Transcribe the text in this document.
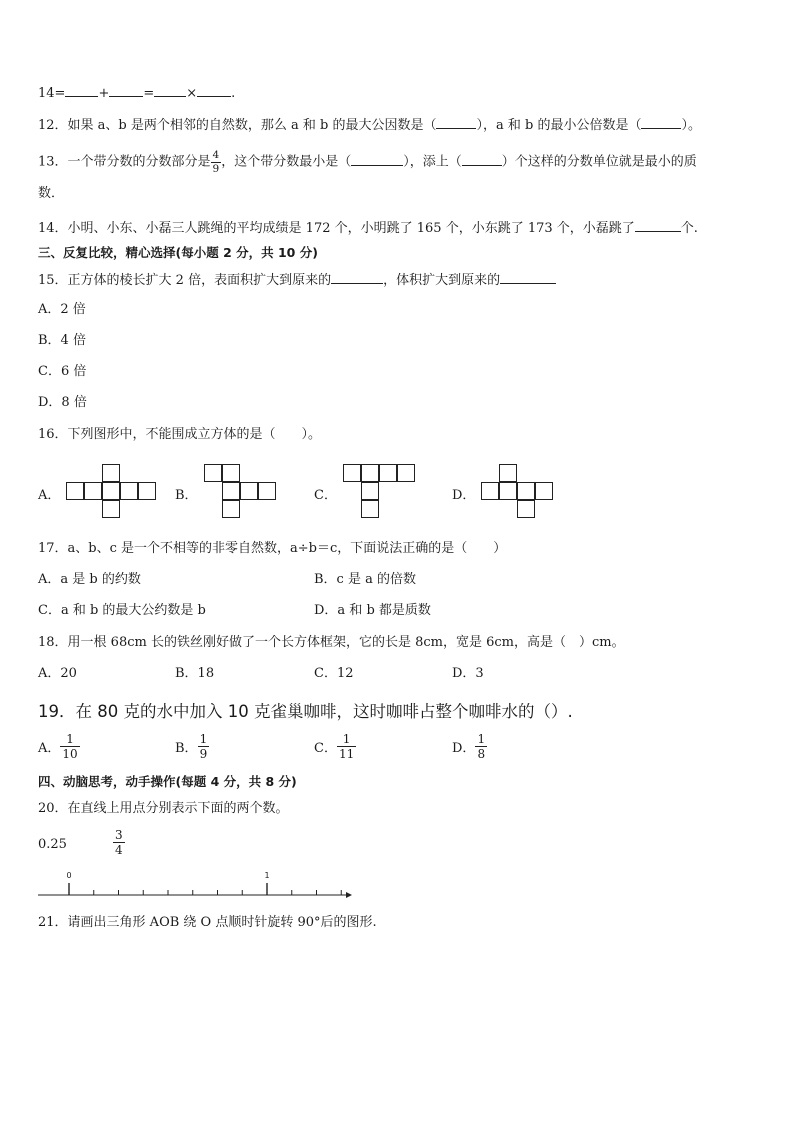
14=	+	= ×	.
12．如果 a、b 是两个相邻的自然数，那么 a 和 b 的最大公因数是（	），a 和 b 的最小公倍数是（	）。
13．一个带分数的分数部分是 $\frac{4}{9}$ ，这个带分数最小是（	），添上（	）个这样的分数单位就是最小的质
数．
14．小明、小东、小磊三人跳绳的平均成绩是 172 个，小明跳了 165 个，小东跳了 173 个，小磊跳了	个.
三、反复比较，精心选择(每小题 2 分，共 10 分)
15．正方体的棱长扩大 2 倍，表面积扩大到原来的	，体积扩大到原来的
A．2 倍
B．4 倍
C．6 倍
D．8 倍
16．下列图形中，不能围成立方体的是（　　）。
A．	B．	C．	D．
17．a、b、c 是一个不相等的非零自然数，a÷b＝c，下面说法正确的是（　　）
A．a 是 b 的约数	B．c 是 a 的倍数
C．a 和 b 的最大公约数是 b	D．a 和 b 都是质数
18．用一根 68cm 长的铁丝刚好做了一个长方体框架，它的长是 8cm，宽是 6cm，高是（　）cm。
A．20	B．18	C．12	D．3
19．在 80 克的水中加入 10 克雀巢咖啡，这时咖啡占整个咖啡水的（）.
A． $\frac{1}{10}$	B． $\frac{1}{9}$	C． $\frac{1}{11}$	D． $\frac{1}{8}$
四、动脑思考，动手操作(每题 4 分，共 8 分)
20．在直线上用点分别表示下面的两个数。
0.25	$\frac{3}{4}$
0	1
21．请画出三角形 AOB 绕 O 点顺时针旋转 90°后的图形.
